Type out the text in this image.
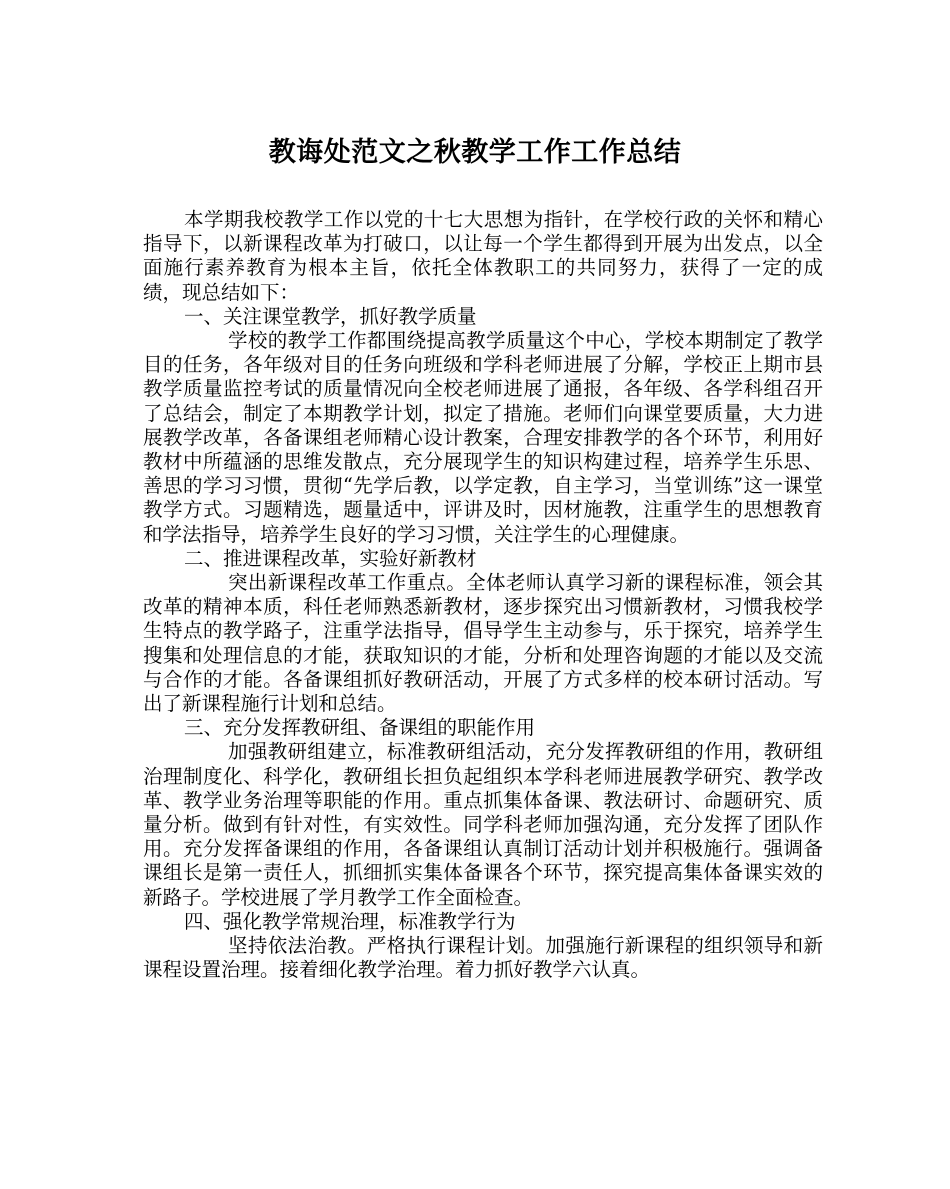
教诲处范文之秋教学工作工作总结

本学期我校教学工作以党的十七大思想为指针，在学校行政的关怀和精心指导下，以新课程改革为打破口，以让每一个学生都得到开展为出发点，以全面施行素养教育为根本主旨，依托全体教职工的共同努力，获得了一定的成绩，现总结如下：

一、关注课堂教学，抓好教学质量

学校的教学工作都围绕提高教学质量这个中心，学校本期制定了教学目的任务，各年级对目的任务向班级和学科老师进展了分解，学校正上期市县教学质量监控考试的质量情况向全校老师进展了通报，各年级、各学科组召开了总结会，制定了本期教学计划，拟定了措施。老师们向课堂要质量，大力进展教学改革，各备课组老师精心设计教案，合理安排教学的各个环节，利用好教材中所蕴涵的思维发散点，充分展现学生的知识构建过程，培养学生乐思、善思的学习习惯，贯彻“先学后教，以学定教，自主学习，当堂训练”这一课堂教学方式。习题精选，题量适中，评讲及时，因材施教，注重学生的思想教育和学法指导，培养学生良好的学习习惯，关注学生的心理健康。

二、推进课程改革，实验好新教材

突出新课程改革工作重点。全体老师认真学习新的课程标准，领会其改革的精神本质，科任老师熟悉新教材，逐步探究出习惯新教材，习惯我校学生特点的教学路子，注重学法指导，倡导学生主动参与，乐于探究，培养学生搜集和处理信息的才能，获取知识的才能，分析和处理咨询题的才能以及交流与合作的才能。各备课组抓好教研活动，开展了方式多样的校本研讨活动。写出了新课程施行计划和总结。

三、充分发挥教研组、备课组的职能作用

加强教研组建立，标准教研组活动，充分发挥教研组的作用，教研组治理制度化、科学化，教研组长担负起组织本学科老师进展教学研究、教学改革、教学业务治理等职能的作用。重点抓集体备课、教法研讨、命题研究、质量分析。做到有针对性，有实效性。同学科老师加强沟通，充分发挥了团队作用。充分发挥备课组的作用，各备课组认真制订活动计划并积极施行。强调备课组长是第一责任人，抓细抓实集体备课各个环节，探究提高集体备课实效的新路子。学校进展了学月教学工作全面检查。

四、强化教学常规治理，标准教学行为

坚持依法治教。严格执行课程计划。加强施行新课程的组织领导和新课程设置治理。接着细化教学治理。着力抓好教学六认真。
